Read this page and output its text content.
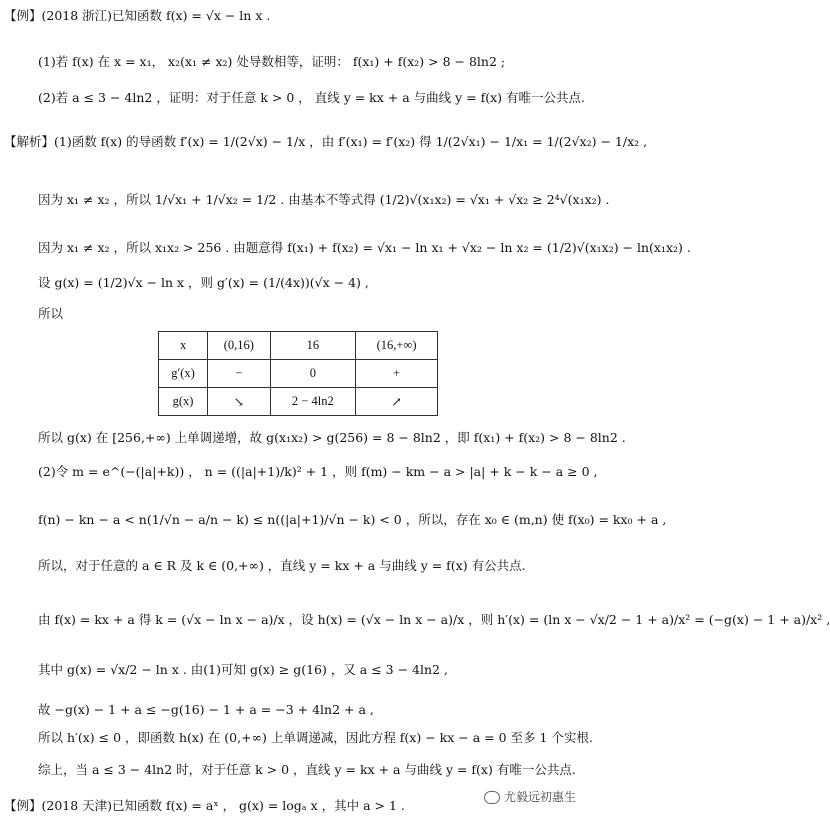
【例】(2018 浙江)已知函数 f(x) = √x − ln x .
(1)若 f(x) 在 x = x₁， x₂(x₁ ≠ x₂) 处导数相等，证明： f(x₁) + f(x₂) > 8 − 8ln2 ;
(2)若 a ≤ 3 − 4ln2 ，证明：对于任意 k > 0 ， 直线 y = kx + a 与曲线 y = f(x) 有唯一公共点.
【解析】(1)函数 f(x) 的导函数 f′(x) = 1/(2√x) − 1/x ，由 f′(x₁) = f′(x₂) 得 1/(2√x₁) − 1/x₁ = 1/(2√x₂) − 1/x₂ ,
因为 x₁ ≠ x₂ ，所以 1/√x₁ + 1/√x₂ = 1/2 . 由基本不等式得 (1/2)√(x₁x₂) = √x₁ + √x₂ ≥ 2⁴√(x₁x₂) .
因为 x₁ ≠ x₂ ，所以 x₁x₂ > 256 . 由题意得 f(x₁) + f(x₂) = √x₁ − ln x₁ + √x₂ − ln x₂ = (1/2)√(x₁x₂) − ln(x₁x₂) .
设 g(x) = (1/2)√x − ln x ，则 g′(x) = (1/(4x))(√x − 4) ,
所以
所以 g(x) 在 [256,+∞) 上单调递增，故 g(x₁x₂) > g(256) = 8 − 8ln2 ，即 f(x₁) + f(x₂) > 8 − 8ln2 .
(2)令 m = e^(−(|a|+k)) ， n = ((|a|+1)/k)² + 1 ，则 f(m) − km − a > |a| + k − k − a ≥ 0 ,
f(n) − kn − a < n(1/√n − a/n − k) ≤ n((|a|+1)/√n − k) < 0 ，所以，存在 x₀ ∈ (m,n) 使 f(x₀) = kx₀ + a ,
所以，对于任意的 a ∈ R 及 k ∈ (0,+∞) ，直线 y = kx + a 与曲线 y = f(x) 有公共点.
由 f(x) = kx + a 得 k = (√x − ln x − a)/x ，设 h(x) = (√x − ln x − a)/x ，则 h′(x) = (ln x − √x/2 − 1 + a)/x² = (−g(x) − 1 + a)/x² ,
其中 g(x) = √x/2 − ln x . 由(1)可知 g(x) ≥ g(16) ，又 a ≤ 3 − 4ln2 ,
故 −g(x) − 1 + a ≤ −g(16) − 1 + a = −3 + 4ln2 + a ,
所以 h′(x) ≤ 0 ，即函数 h(x) 在 (0,+∞) 上单调递减，因此方程 f(x) − kx − a = 0 至多 1 个实根.
综上，当 a ≤ 3 − 4ln2 时，对于任意 k > 0 ，直线 y = kx + a 与曲线 y = f(x) 有唯一公共点.
【例】(2018 天津)已知函数 f(x) = aˣ ， g(x) = logₐ x ，其中 a > 1 .
x	(0,16)	16	(16,+∞)
g′(x)	−	0	+
g(x)	↘	2 − 4ln2	↗
尤毅远初惠生
